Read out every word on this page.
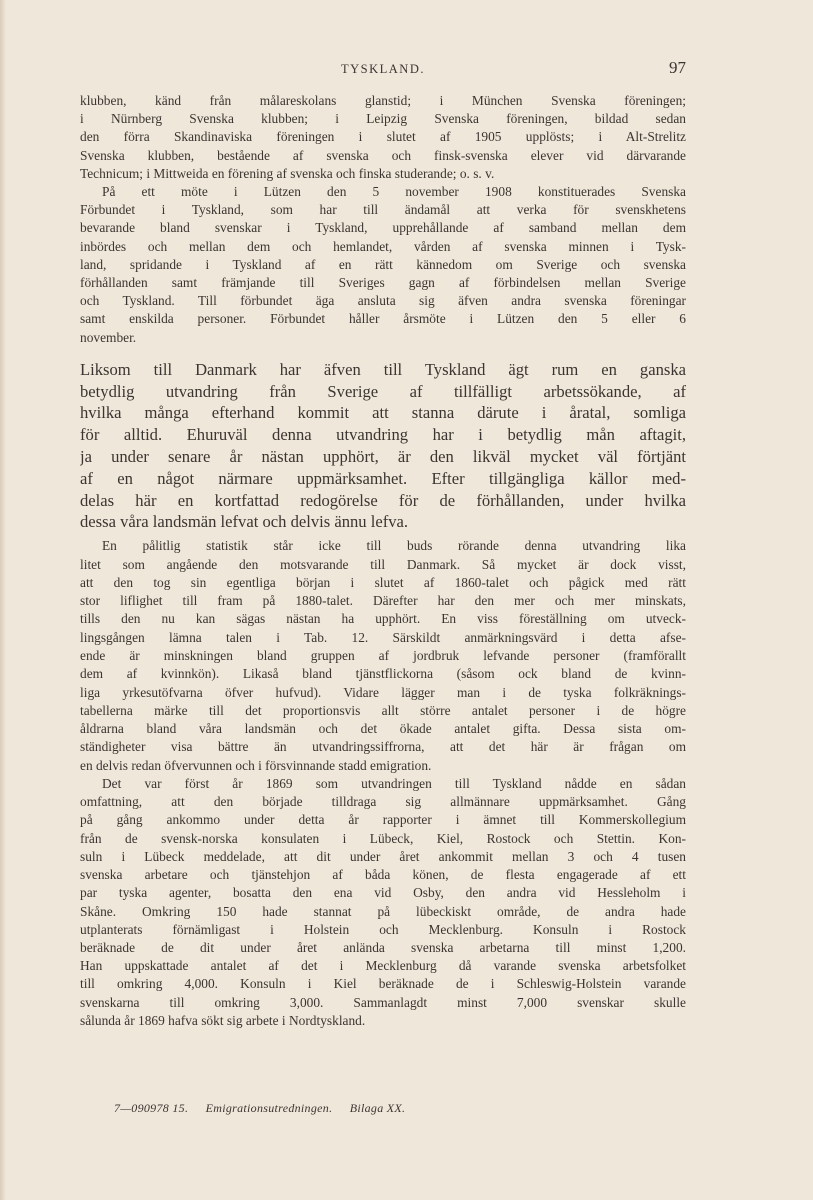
TYSKLAND.	97
klubben, känd från målareskolans glanstid; i München Svenska föreningen;
i Nürnberg Svenska klubben; i Leipzig Svenska föreningen, bildad sedan
den förra Skandinaviska föreningen i slutet af 1905 upplösts; i Alt-Strelitz
Svenska klubben, bestående af svenska och finsk-svenska elever vid därvarande
Technicum; i Mittweida en förening af svenska och finska studerande; o. s. v.
På ett möte i Lützen den 5 november 1908 konstituerades Svenska
Förbundet i Tyskland, som har till ändamål att verka för svenskhetens
bevarande bland svenskar i Tyskland, upprehållande af samband mellan dem
inbördes och mellan dem och hemlandet, vården af svenska minnen i Tysk-
land, spridande i Tyskland af en rätt kännedom om Sverige och svenska
förhållanden samt främjande till Sveriges gagn af förbindelsen mellan Sverige
och Tyskland. Till förbundet äga ansluta sig äfven andra svenska föreningar
samt enskilda personer. Förbundet håller årsmöte i Lützen den 5 eller 6
november.
Liksom till Danmark har äfven till Tyskland ägt rum en ganska
betydlig utvandring från Sverige af tillfälligt arbetssökande, af
hvilka många efterhand kommit att stanna därute i åratal, somliga
för alltid. Ehuruväl denna utvandring har i betydlig mån aftagit,
ja under senare år nästan upphört, är den likväl mycket väl förtjänt
af en något närmare uppmärksamhet. Efter tillgängliga källor med-
delas här en kortfattad redogörelse för de förhållanden, under hvilka
dessa våra landsmän lefvat och delvis ännu lefva.
En pålitlig statistik står icke till buds rörande denna utvandring lika
litet som angående den motsvarande till Danmark. Så mycket är dock visst,
att den tog sin egentliga början i slutet af 1860-talet och pågick med rätt
stor liflighet till fram på 1880-talet. Därefter har den mer och mer minskats,
tills den nu kan sägas nästan ha upphört. En viss föreställning om utveck-
lingsgången lämna talen i Tab. 12. Särskildt anmärkningsvärd i detta afse-
ende är minskningen bland gruppen af jordbruk lefvande personer (framförallt
dem af kvinnkön). Likaså bland tjänstflickorna (såsom ock bland de kvinn-
liga yrkesutöfvarna öfver hufvud). Vidare lägger man i de tyska folkräknings-
tabellerna märke till det proportionsvis allt större antalet personer i de högre
åldrarna bland våra landsmän och det ökade antalet gifta. Dessa sista om-
ständigheter visa bättre än utvandringssiffrorna, att det här är frågan om
en delvis redan öfvervunnen och i försvinnande stadd emigration.
Det var först år 1869 som utvandringen till Tyskland nådde en sådan
omfattning, att den började tilldraga sig allmännare uppmärksamhet. Gång
på gång ankommo under detta år rapporter i ämnet till Kommerskollegium
från de svensk-norska konsulaten i Lübeck, Kiel, Rostock och Stettin. Kon-
suln i Lübeck meddelade, att dit under året ankommit mellan 3 och 4 tusen
svenska arbetare och tjänstehjon af båda könen, de flesta engagerade af ett
par tyska agenter, bosatta den ena vid Osby, den andra vid Hessleholm i
Skåne. Omkring 150 hade stannat på lübeckiskt område, de andra hade
utplanterats förnämligast i Holstein och Mecklenburg. Konsuln i Rostock
beräknade de dit under året anlända svenska arbetarna till minst 1,200.
Han uppskattade antalet af det i Mecklenburg då varande svenska arbetsfolket
till omkring 4,000. Konsuln i Kiel beräknade de i Schleswig-Holstein varande
svenskarna till omkring 3,000. Sammanlagdt minst 7,000 svenskar skulle
sålunda år 1869 hafva sökt sig arbete i Nordtyskland.
7—090978 15. Emigrationsutredningen. Bilaga XX.
